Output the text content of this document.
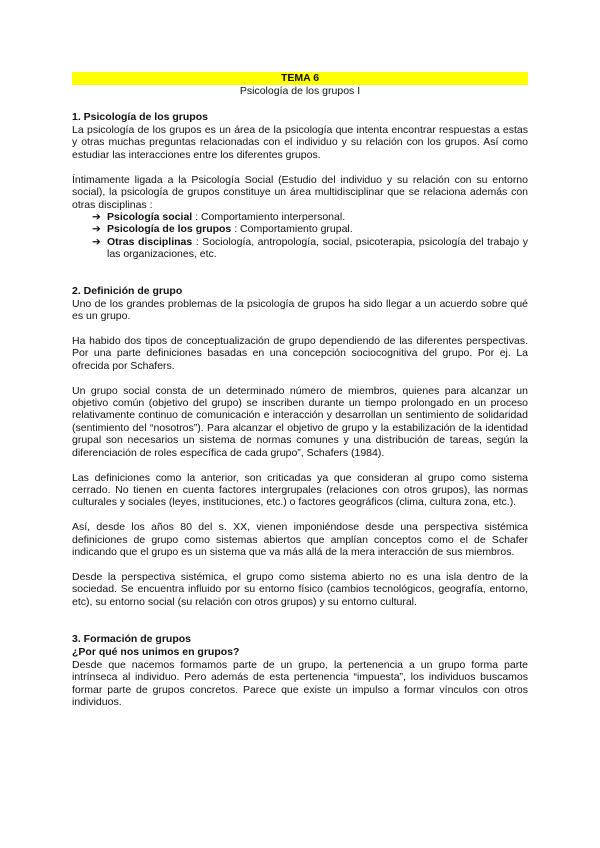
TEMA 6
Psicología de los grupos I
1. Psicología de los grupos

La psicología de los grupos es un área de la psicología que intenta encontrar respuestas a estas y otras muchas preguntas relacionadas con el individuo y su relación con los grupos. Así como estudiar las interacciones entre los diferentes grupos.

Íntimamente ligada a la Psicología Social (Estudio del individuo y su relación con su entorno social), la psicología de grupos constituye un área multidisciplinar que se relaciona además con otras disciplinas :

➔ Psicología social : Comportamiento interpersonal.
➔ Psicología de los grupos : Comportamiento grupal.
➔ Otras disciplinas : Sociología, antropología, social, psicoterapia, psicología del trabajo y las organizaciones, etc.
2. Definición de grupo

Uno de los grandes problemas de la psicología de grupos ha sido llegar a un acuerdo sobre qué es un grupo.

Ha habido dos tipos de conceptualización de grupo dependiendo de las diferentes perspectivas. Por una parte definiciones basadas en una concepción sociocognitiva del grupo. Por ej. La ofrecida por Schafers.

Un grupo social consta de un determinado número de miembros, quienes para alcanzar un objetivo común (objetivo del grupo) se inscriben durante un tiempo prolongado en un proceso relativamente continuo de comunicación e interacción y desarrollan un sentimiento de solidaridad (sentimiento del “nosotros”). Para alcanzar el objetivo de grupo y la estabilización de la identidad grupal son necesarios un sistema de normas comunes y una distribución de tareas, según la diferenciación de roles específica de cada grupo”, Schafers (1984).

Las definiciones como la anterior, son criticadas ya que consideran al grupo como sistema cerrado. No tienen en cuenta factores intergrupales (relaciones con otros grupos), las normas culturales y sociales (leyes, instituciones, etc.) o factores geográficos (clima, cultura zona, etc.).

Así, desde los años 80 del s. XX, vienen imponiéndose desde una perspectiva sistémica definiciones de grupo como sistemas abiertos que amplían conceptos como el de Schafer indicando que el grupo es un sistema que va más allá de la mera interacción de sus miembros.

Desde la perspectiva sistémica, el grupo como sistema abierto no es una isla dentro de la sociedad. Se encuentra influido por su entorno físico (cambios tecnológicos, geografía, entorno, etc), su entorno social (su relación con otros grupos) y su entorno cultural.

3. Formación de grupos
¿Por qué nos unimos en grupos?

Desde que nacemos formamos parte de un grupo, la pertenencia a un grupo forma parte intrínseca al individuo. Pero además de esta pertenencia “impuesta”, los individuos buscamos formar parte de grupos concretos. Parece que existe un impulso a formar vínculos con otros individuos.
